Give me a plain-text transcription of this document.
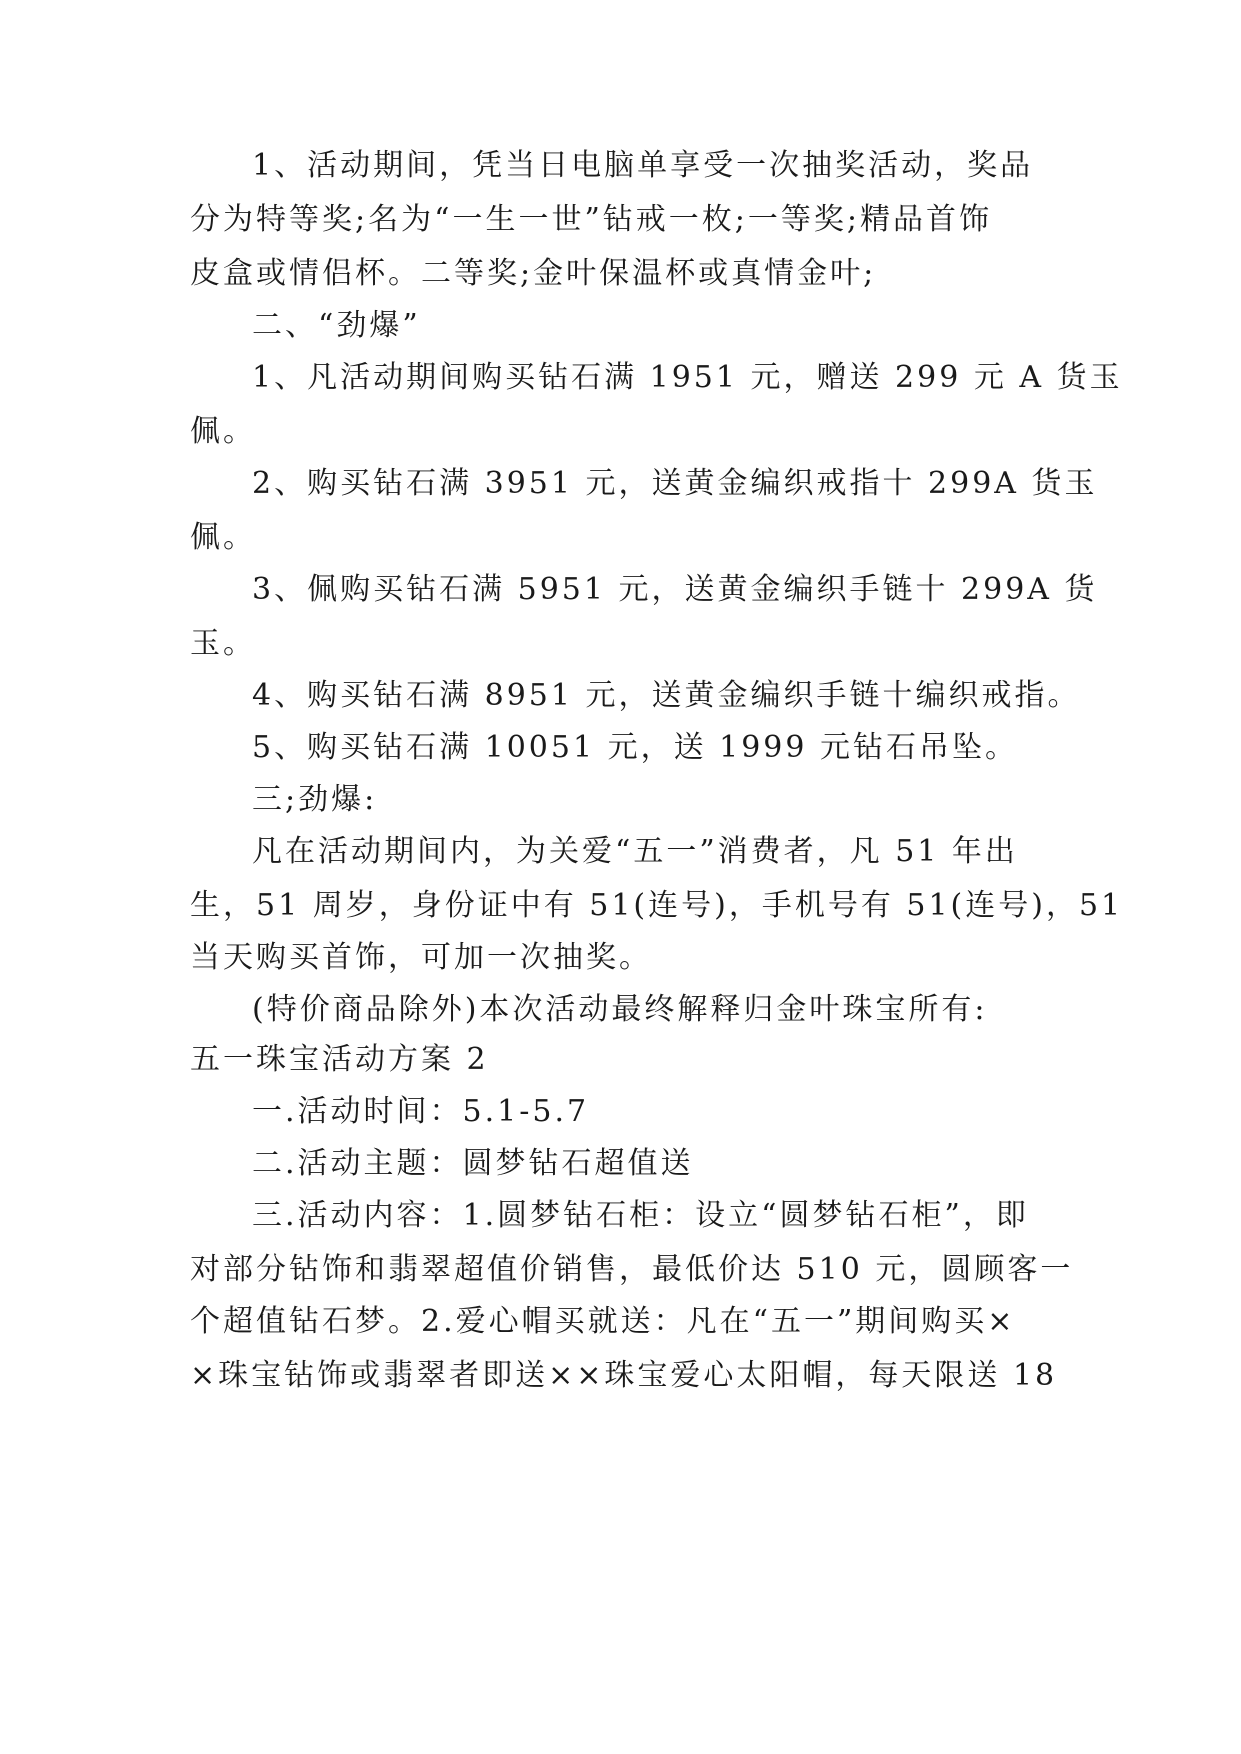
1、活动期间，凭当日电脑单享受一次抽奖活动，奖品
分为特等奖;名为“一生一世”钻戒一枚;一等奖;精品首饰
皮盒或情侣杯。二等奖;金叶保温杯或真情金叶;
二、“劲爆”
1、凡活动期间购买钻石满 1951 元，赠送 299 元 A 货玉
佩。
2、购买钻石满 3951 元，送黄金编织戒指十 299A 货玉
佩。
3、佩购买钻石满 5951 元，送黄金编织手链十 299A 货
玉。
4、购买钻石满 8951 元，送黄金编织手链十编织戒指。
5、购买钻石满 10051 元，送 1999 元钻石吊坠。
三;劲爆:
凡在活动期间内，为关爱“五一”消费者，凡 51 年出
生，51 周岁，身份证中有 51(连号)，手机号有 51(连号)，51
当天购买首饰，可加一次抽奖。
(特价商品除外)本次活动最终解释归金叶珠宝所有:
五一珠宝活动方案 2
一.活动时间：5.1-5.7
二.活动主题：圆梦钻石超值送
三.活动内容：1.圆梦钻石柜：设立“圆梦钻石柜”，即
对部分钻饰和翡翠超值价销售，最低价达 510 元，圆顾客一
个超值钻石梦。2.爱心帽买就送：凡在“五一”期间购买×
×珠宝钻饰或翡翠者即送××珠宝爱心太阳帽，每天限送 18
